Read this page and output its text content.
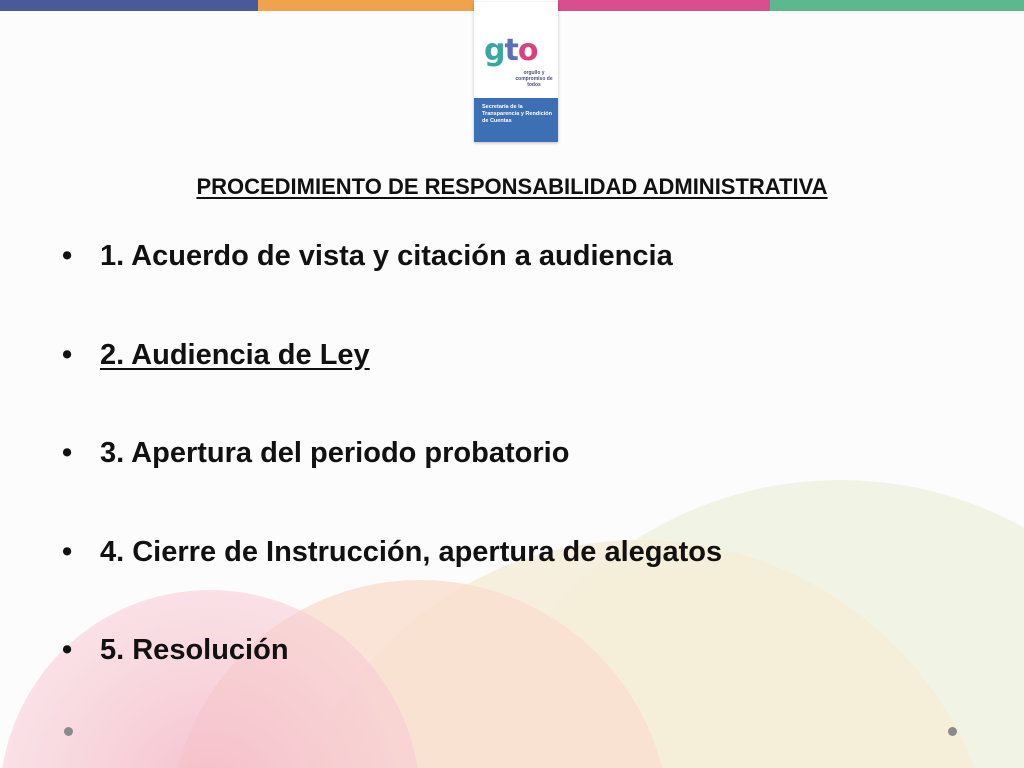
gto
orgullo y compromiso de todos
Secretaría de la Transparencia y Rendición de Cuentas
PROCEDIMIENTO DE RESPONSABILIDAD ADMINISTRATIVA
• 1. Acuerdo de vista y citación a audiencia
• 2. Audiencia de Ley
• 3. Apertura del periodo probatorio
• 4. Cierre de Instrucción, apertura de alegatos
• 5. Resolución
